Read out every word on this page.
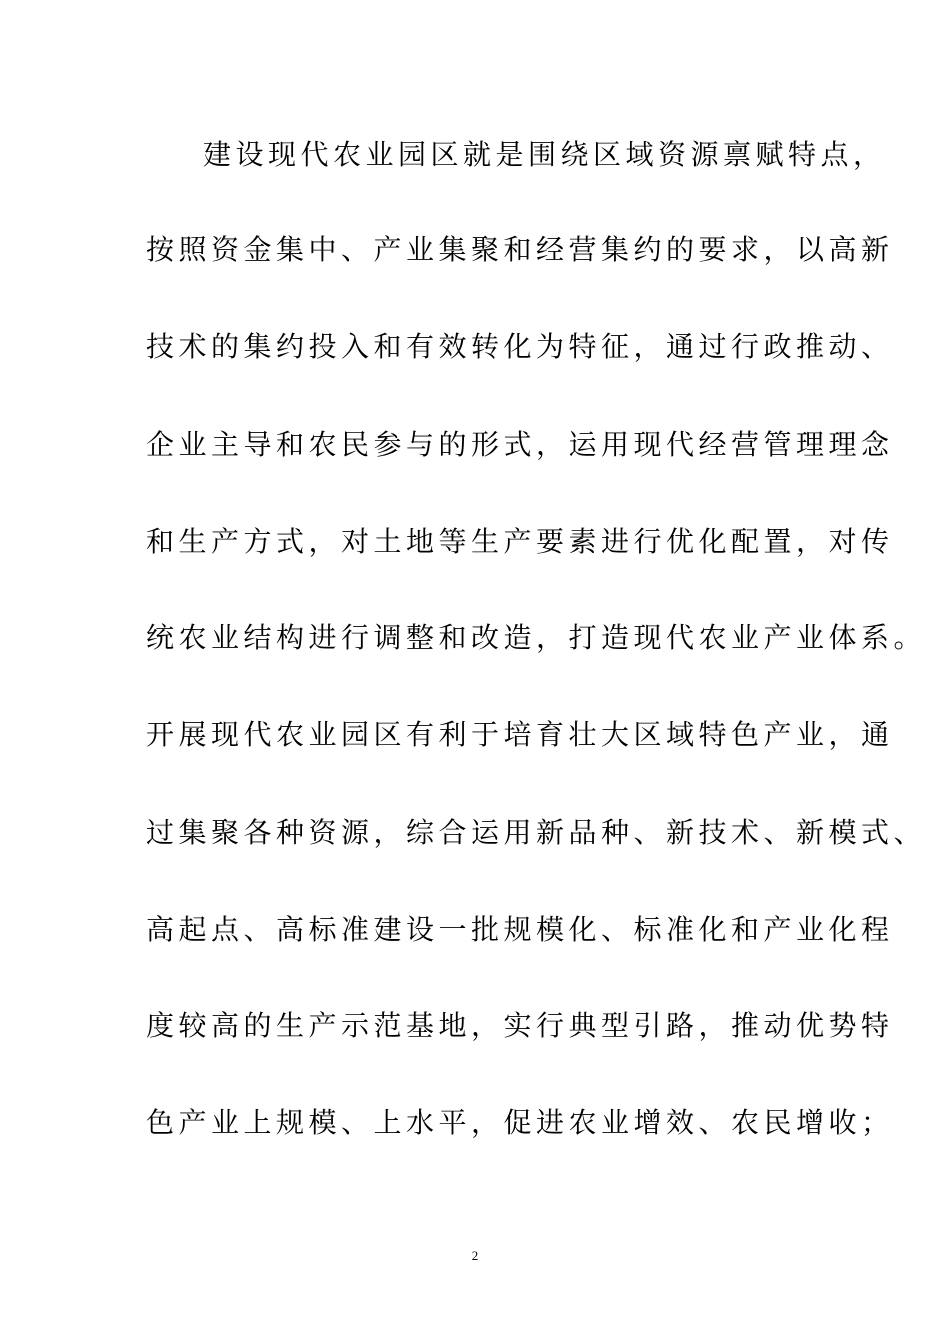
建设现代农业园区就是围绕区域资源禀赋特点，
按照资金集中、产业集聚和经营集约的要求，以高新
技术的集约投入和有效转化为特征，通过行政推动、
企业主导和农民参与的形式，运用现代经营管理理念
和生产方式，对土地等生产要素进行优化配置，对传
统农业结构进行调整和改造，打造现代农业产业体系。
开展现代农业园区有利于培育壮大区域特色产业，通
过集聚各种资源，综合运用新品种、新技术、新模式、
高起点、高标准建设一批规模化、标准化和产业化程
度较高的生产示范基地，实行典型引路，推动优势特
色产业上规模、上水平，促进农业增效、农民增收；
2
